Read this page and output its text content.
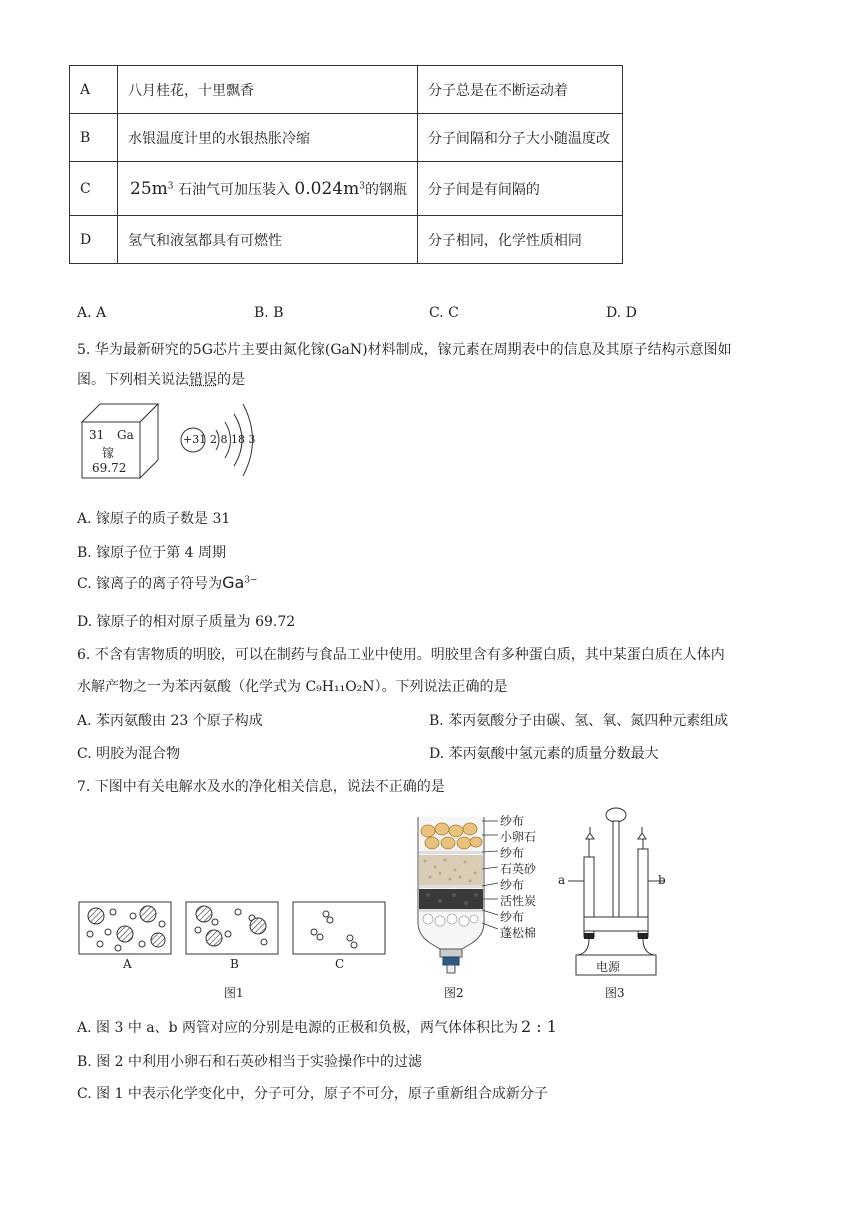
A	八月桂花，十里飘香	分子总是在不断运动着
B	水银温度计里的水银热胀冷缩	分子间隔和分子大小随温度改
C	$25m^3$ 石油气可加压装入 $0.024m^3$的钢瓶	分子间是有间隔的
D	氢气和液氢都具有可燃性	分子相同，化学性质相同
A. A	B. B	C. C	D. D
5. 华为最新研究的5G芯片主要由氮化镓(GaN)材料制成，镓元素在周期表中的信息及其原子结构示意图如
图。下列相关说法错误的是
31 Ga
镓
69.72
+31 2 8 18 3
A. 镓原子的质子数是 31
B. 镓原子位于第 4 周期
C. 镓离子的离子符号为$Ga^{3-}$
D. 镓原子的相对原子质量为 69.72
6. 不含有害物质的明胶，可以在制药与食品工业中使用。明胶里含有多种蛋白质，其中某蛋白质在人体内
水解产物之一为苯丙氨酸（化学式为 C₉H₁₁O₂N）。下列说法正确的是
A. 苯丙氨酸由 23 个原子构成	B. 苯丙氨酸分子由碳、氢、氧、氮四种元素组成
C. 明胶为混合物	D. 苯丙氨酸中氢元素的质量分数最大
7. 下图中有关电解水及水的净化相关信息，说法不正确的是
A	B	C
图1
纱布
小卵石
纱布
石英砂
纱布
活性炭
纱布
蓬松棉
图2
a	b
电源
图3
A. 图 3 中 a、b 两管对应的分别是电源的正极和负极，两气体体积比为 2 : 1
B. 图 2 中利用小卵石和石英砂相当于实验操作中的过滤
C. 图 1 中表示化学变化中，分子可分，原子不可分，原子重新组合成新分子
